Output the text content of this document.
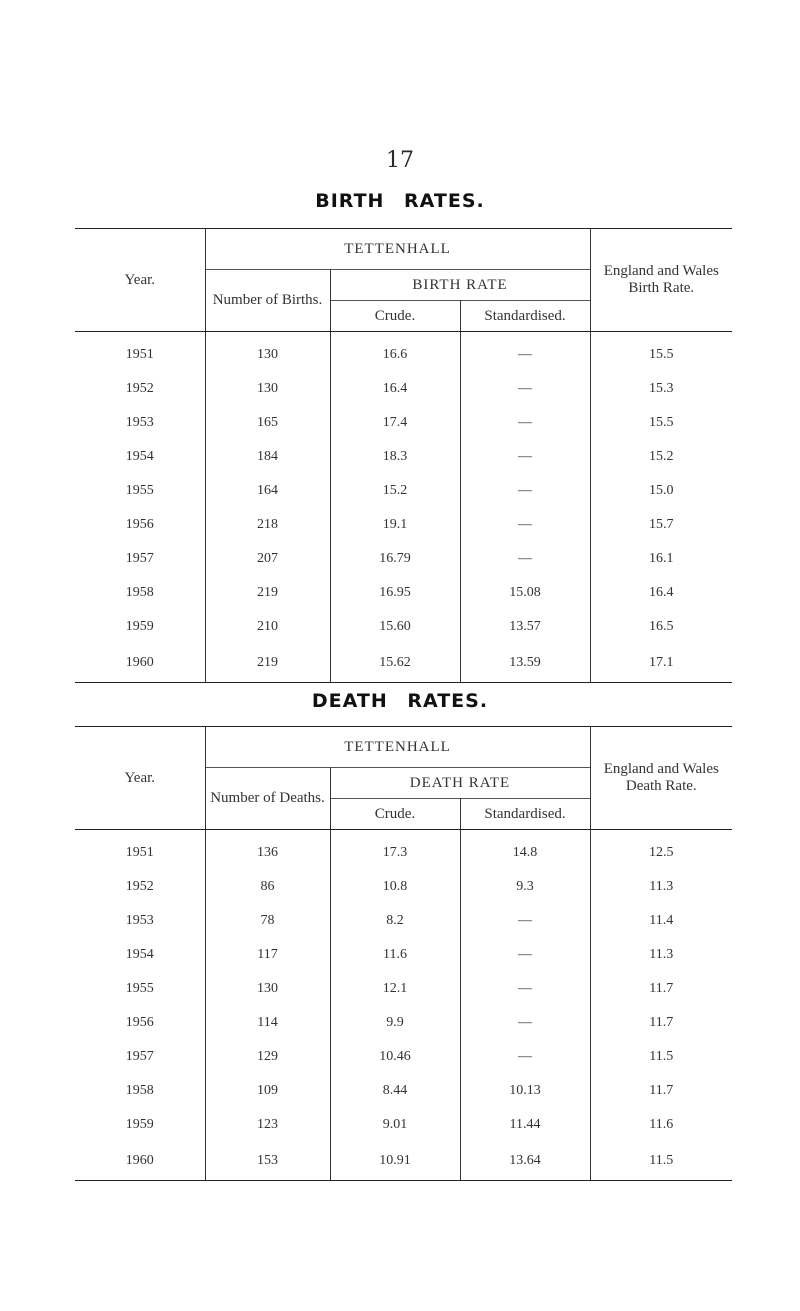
17
BIRTH RATES.
Year.	TETTENHALL			England and Wales Birth Rate.
	Number of Births.	BIRTH RATE		
		Crude.	Standardised.	
1951	130	16.6	—	15.5
1952	130	16.4	—	15.3
1953	165	17.4	—	15.5
1954	184	18.3	—	15.2
1955	164	15.2	—	15.0
1956	218	19.1	—	15.7
1957	207	16.79	—	16.1
1958	219	16.95	15.08	16.4
1959	210	15.60	13.57	16.5
1960	219	15.62	13.59	17.1
DEATH RATES.
Year.	TETTENHALL			England and Wales Death Rate.
	Number of Deaths.	DEATH RATE		
		Crude.	Standardised.	
1951	136	17.3	14.8	12.5
1952	86	10.8	9.3	11.3
1953	78	8.2	—	11.4
1954	117	11.6	—	11.3
1955	130	12.1	—	11.7
1956	114	9.9	—	11.7
1957	129	10.46	—	11.5
1958	109	8.44	10.13	11.7
1959	123	9.01	11.44	11.6
1960	153	10.91	13.64	11.5
